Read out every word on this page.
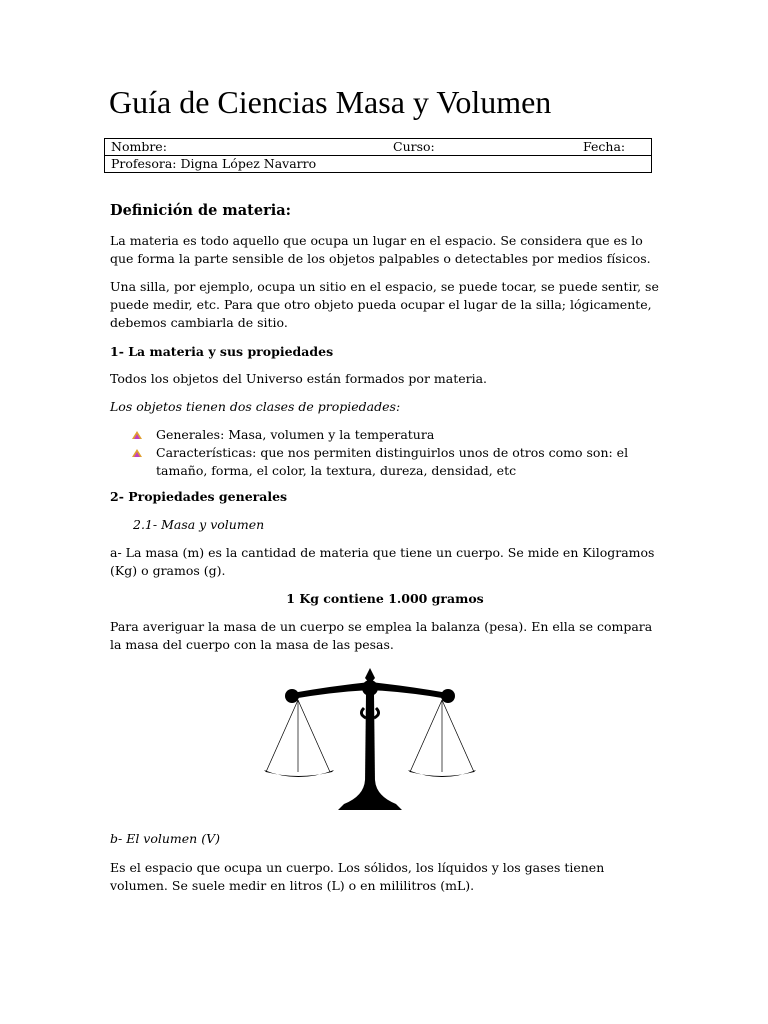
Guía de Ciencias Masa y Volumen
Nombre:	Curso:	Fecha:
Profesora: Digna López Navarro
Definición de materia:

La materia es todo aquello que ocupa un lugar en el espacio. Se considera que es lo que forma la parte sensible de los objetos palpables o detectables por medios físicos.

Una silla, por ejemplo, ocupa un sitio en el espacio, se puede tocar, se puede sentir, se puede medir, etc. Para que otro objeto pueda ocupar el lugar de la silla; lógicamente, debemos cambiarla de sitio.

1- La materia y sus propiedades

Todos los objetos del Universo están formados por materia.

Los objetos tienen dos clases de propiedades:

Generales: Masa, volumen y la temperatura
Características: que nos permiten distinguirlos unos de otros como son: el tamaño, forma, el color, la textura, dureza, densidad, etc

2- Propiedades generales

2.1- Masa y volumen

a- La masa (m) es la cantidad de materia que tiene un cuerpo. Se mide en Kilogramos (Kg) o gramos (g).

1 Kg contiene 1.000 gramos

Para averiguar la masa de un cuerpo se emplea la balanza (pesa). En ella se compara la masa del cuerpo con la masa de las pesas.

b- El volumen (V)

Es el espacio que ocupa un cuerpo. Los sólidos, los líquidos y los gases tienen volumen. Se suele medir en litros (L) o en mililitros (mL).
